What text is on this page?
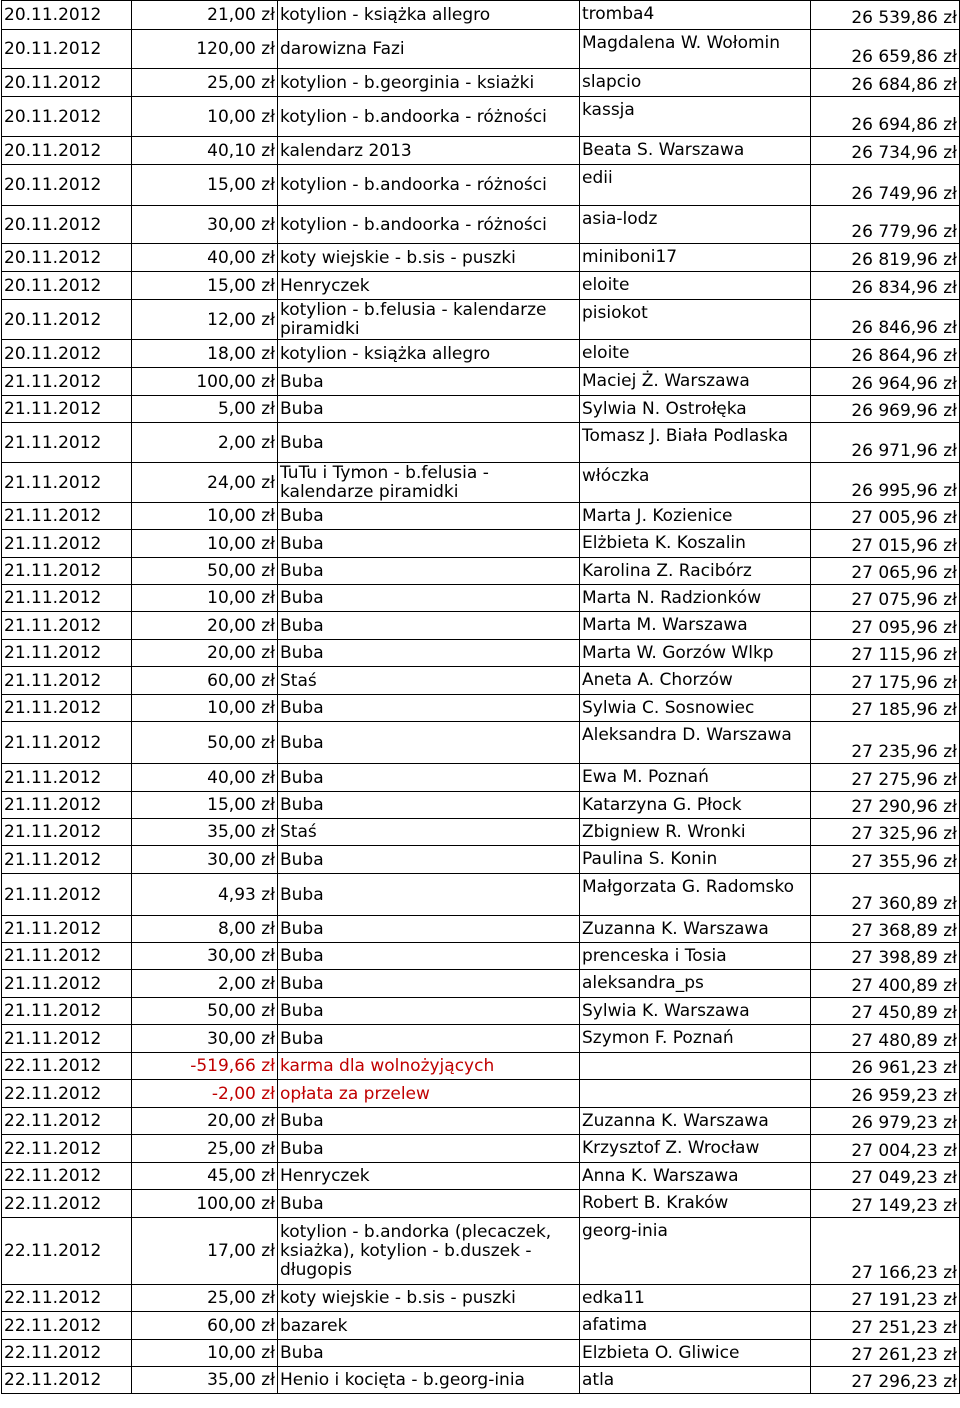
20.11.2012	21,00 zł	kotylion - książka allegro	tromba4	26 539,86 zł
20.11.2012	120,00 zł	darowizna Fazi	Magdalena W. Wołomin	26 659,86 zł
20.11.2012	25,00 zł	kotylion - b.georginia - ksiażki	slapcio	26 684,86 zł
20.11.2012	10,00 zł	kotylion - b.andoorka - różności	kassja	26 694,86 zł
20.11.2012	40,10 zł	kalendarz 2013	Beata S. Warszawa	26 734,96 zł
20.11.2012	15,00 zł	kotylion - b.andoorka - różności	edii	26 749,96 zł
20.11.2012	30,00 zł	kotylion - b.andoorka - różności	asia-lodz	26 779,96 zł
20.11.2012	40,00 zł	koty wiejskie - b.sis - puszki	miniboni17	26 819,96 zł
20.11.2012	15,00 zł	Henryczek	eloite	26 834,96 zł
20.11.2012	12,00 zł	kotylion - b.felusia - kalendarze piramidki	pisiokot	26 846,96 zł
20.11.2012	18,00 zł	kotylion - książka allegro	eloite	26 864,96 zł
21.11.2012	100,00 zł	Buba	Maciej Ż. Warszawa	26 964,96 zł
21.11.2012	5,00 zł	Buba	Sylwia N. Ostrołęka	26 969,96 zł
21.11.2012	2,00 zł	Buba	Tomasz J. Biała Podlaska	26 971,96 zł
21.11.2012	24,00 zł	TuTu i Tymon - b.felusia - kalendarze piramidki	włóczka	26 995,96 zł
21.11.2012	10,00 zł	Buba	Marta J. Kozienice	27 005,96 zł
21.11.2012	10,00 zł	Buba	Elżbieta K. Koszalin	27 015,96 zł
21.11.2012	50,00 zł	Buba	Karolina Z. Racibórz	27 065,96 zł
21.11.2012	10,00 zł	Buba	Marta N. Radzionków	27 075,96 zł
21.11.2012	20,00 zł	Buba	Marta M. Warszawa	27 095,96 zł
21.11.2012	20,00 zł	Buba	Marta W. Gorzów Wlkp	27 115,96 zł
21.11.2012	60,00 zł	Staś	Aneta A. Chorzów	27 175,96 zł
21.11.2012	10,00 zł	Buba	Sylwia C. Sosnowiec	27 185,96 zł
21.11.2012	50,00 zł	Buba	Aleksandra D. Warszawa	27 235,96 zł
21.11.2012	40,00 zł	Buba	Ewa M. Poznań	27 275,96 zł
21.11.2012	15,00 zł	Buba	Katarzyna G. Płock	27 290,96 zł
21.11.2012	35,00 zł	Staś	Zbigniew R. Wronki	27 325,96 zł
21.11.2012	30,00 zł	Buba	Paulina S. Konin	27 355,96 zł
21.11.2012	4,93 zł	Buba	Małgorzata G. Radomsko	27 360,89 zł
21.11.2012	8,00 zł	Buba	Zuzanna K. Warszawa	27 368,89 zł
21.11.2012	30,00 zł	Buba	prenceska i Tosia	27 398,89 zł
21.11.2012	2,00 zł	Buba	aleksandra_ps	27 400,89 zł
21.11.2012	50,00 zł	Buba	Sylwia K. Warszawa	27 450,89 zł
21.11.2012	30,00 zł	Buba	Szymon F. Poznań	27 480,89 zł
22.11.2012	-519,66 zł	karma dla wolnożyjących		26 961,23 zł
22.11.2012	-2,00 zł	opłata za przelew		26 959,23 zł
22.11.2012	20,00 zł	Buba	Zuzanna K. Warszawa	26 979,23 zł
22.11.2012	25,00 zł	Buba	Krzysztof Z. Wrocław	27 004,23 zł
22.11.2012	45,00 zł	Henryczek	Anna K. Warszawa	27 049,23 zł
22.11.2012	100,00 zł	Buba	Robert B. Kraków	27 149,23 zł
22.11.2012	17,00 zł	kotylion - b.andorka (plecaczek, ksiażka), kotylion - b.duszek - długopis	georg-inia	27 166,23 zł
22.11.2012	25,00 zł	koty wiejskie - b.sis - puszki	edka11	27 191,23 zł
22.11.2012	60,00 zł	bazarek	afatima	27 251,23 zł
22.11.2012	10,00 zł	Buba	Elzbieta O. Gliwice	27 261,23 zł
22.11.2012	35,00 zł	Henio i kocięta - b.georg-inia	atla	27 296,23 zł
